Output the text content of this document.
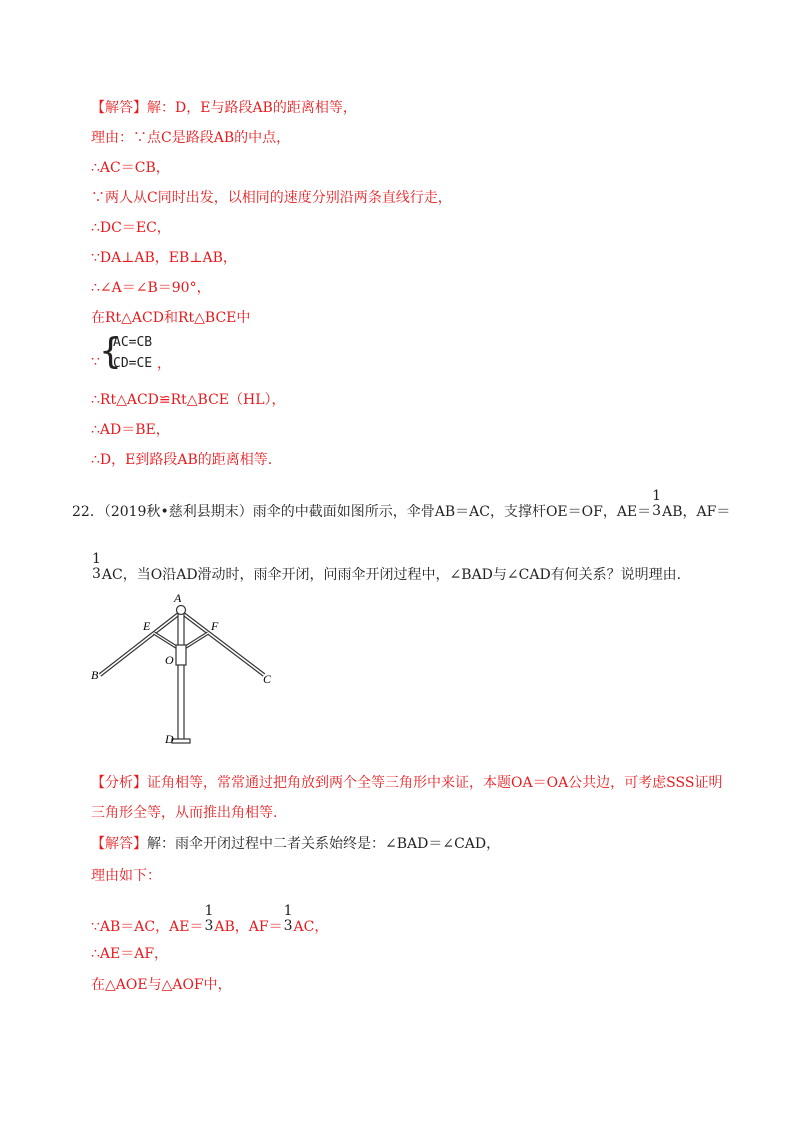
【解答】解：D，E与路段AB的距离相等，
理由：∵点C是路段AB的中点，
∴AC＝CB，
∵两人从C同时出发，以相同的速度分别沿两条直线行走，
∴DC＝EC，
∵DA⊥AB，EB⊥AB，
∴∠A＝∠B＝90°，
在Rt△ACD和Rt△BCE中
∵ {
AC=CB
CD=CE ，
∴Rt△ACD≌Rt△BCE（HL），
∴AD＝BE，
∴D，E到路段AB的距离相等.
22．（2019秋•慈利县期末）雨伞的中截面如图所示，伞骨AB＝AC，支撑杆OE＝OF，AE＝
1
3 AB，AF＝
1
3 AC，当O沿AD滑动时，雨伞开闭，问雨伞开闭过程中，∠BAD与∠CAD有何关系？说明理由.
A
E	F
O
B	C
D
【分析】证角相等，常常通过把角放到两个全等三角形中来证，本题OA＝OA公共边，可考虑SSS证明
三角形全等，从而推出角相等.
【解答】解：雨伞开闭过程中二者关系始终是：∠BAD＝∠CAD，
理由如下：
∵AB＝AC，AE＝
1
3 AB，AF＝
1
3 AC，
∴AE＝AF，
在△AOE与△AOF中，
